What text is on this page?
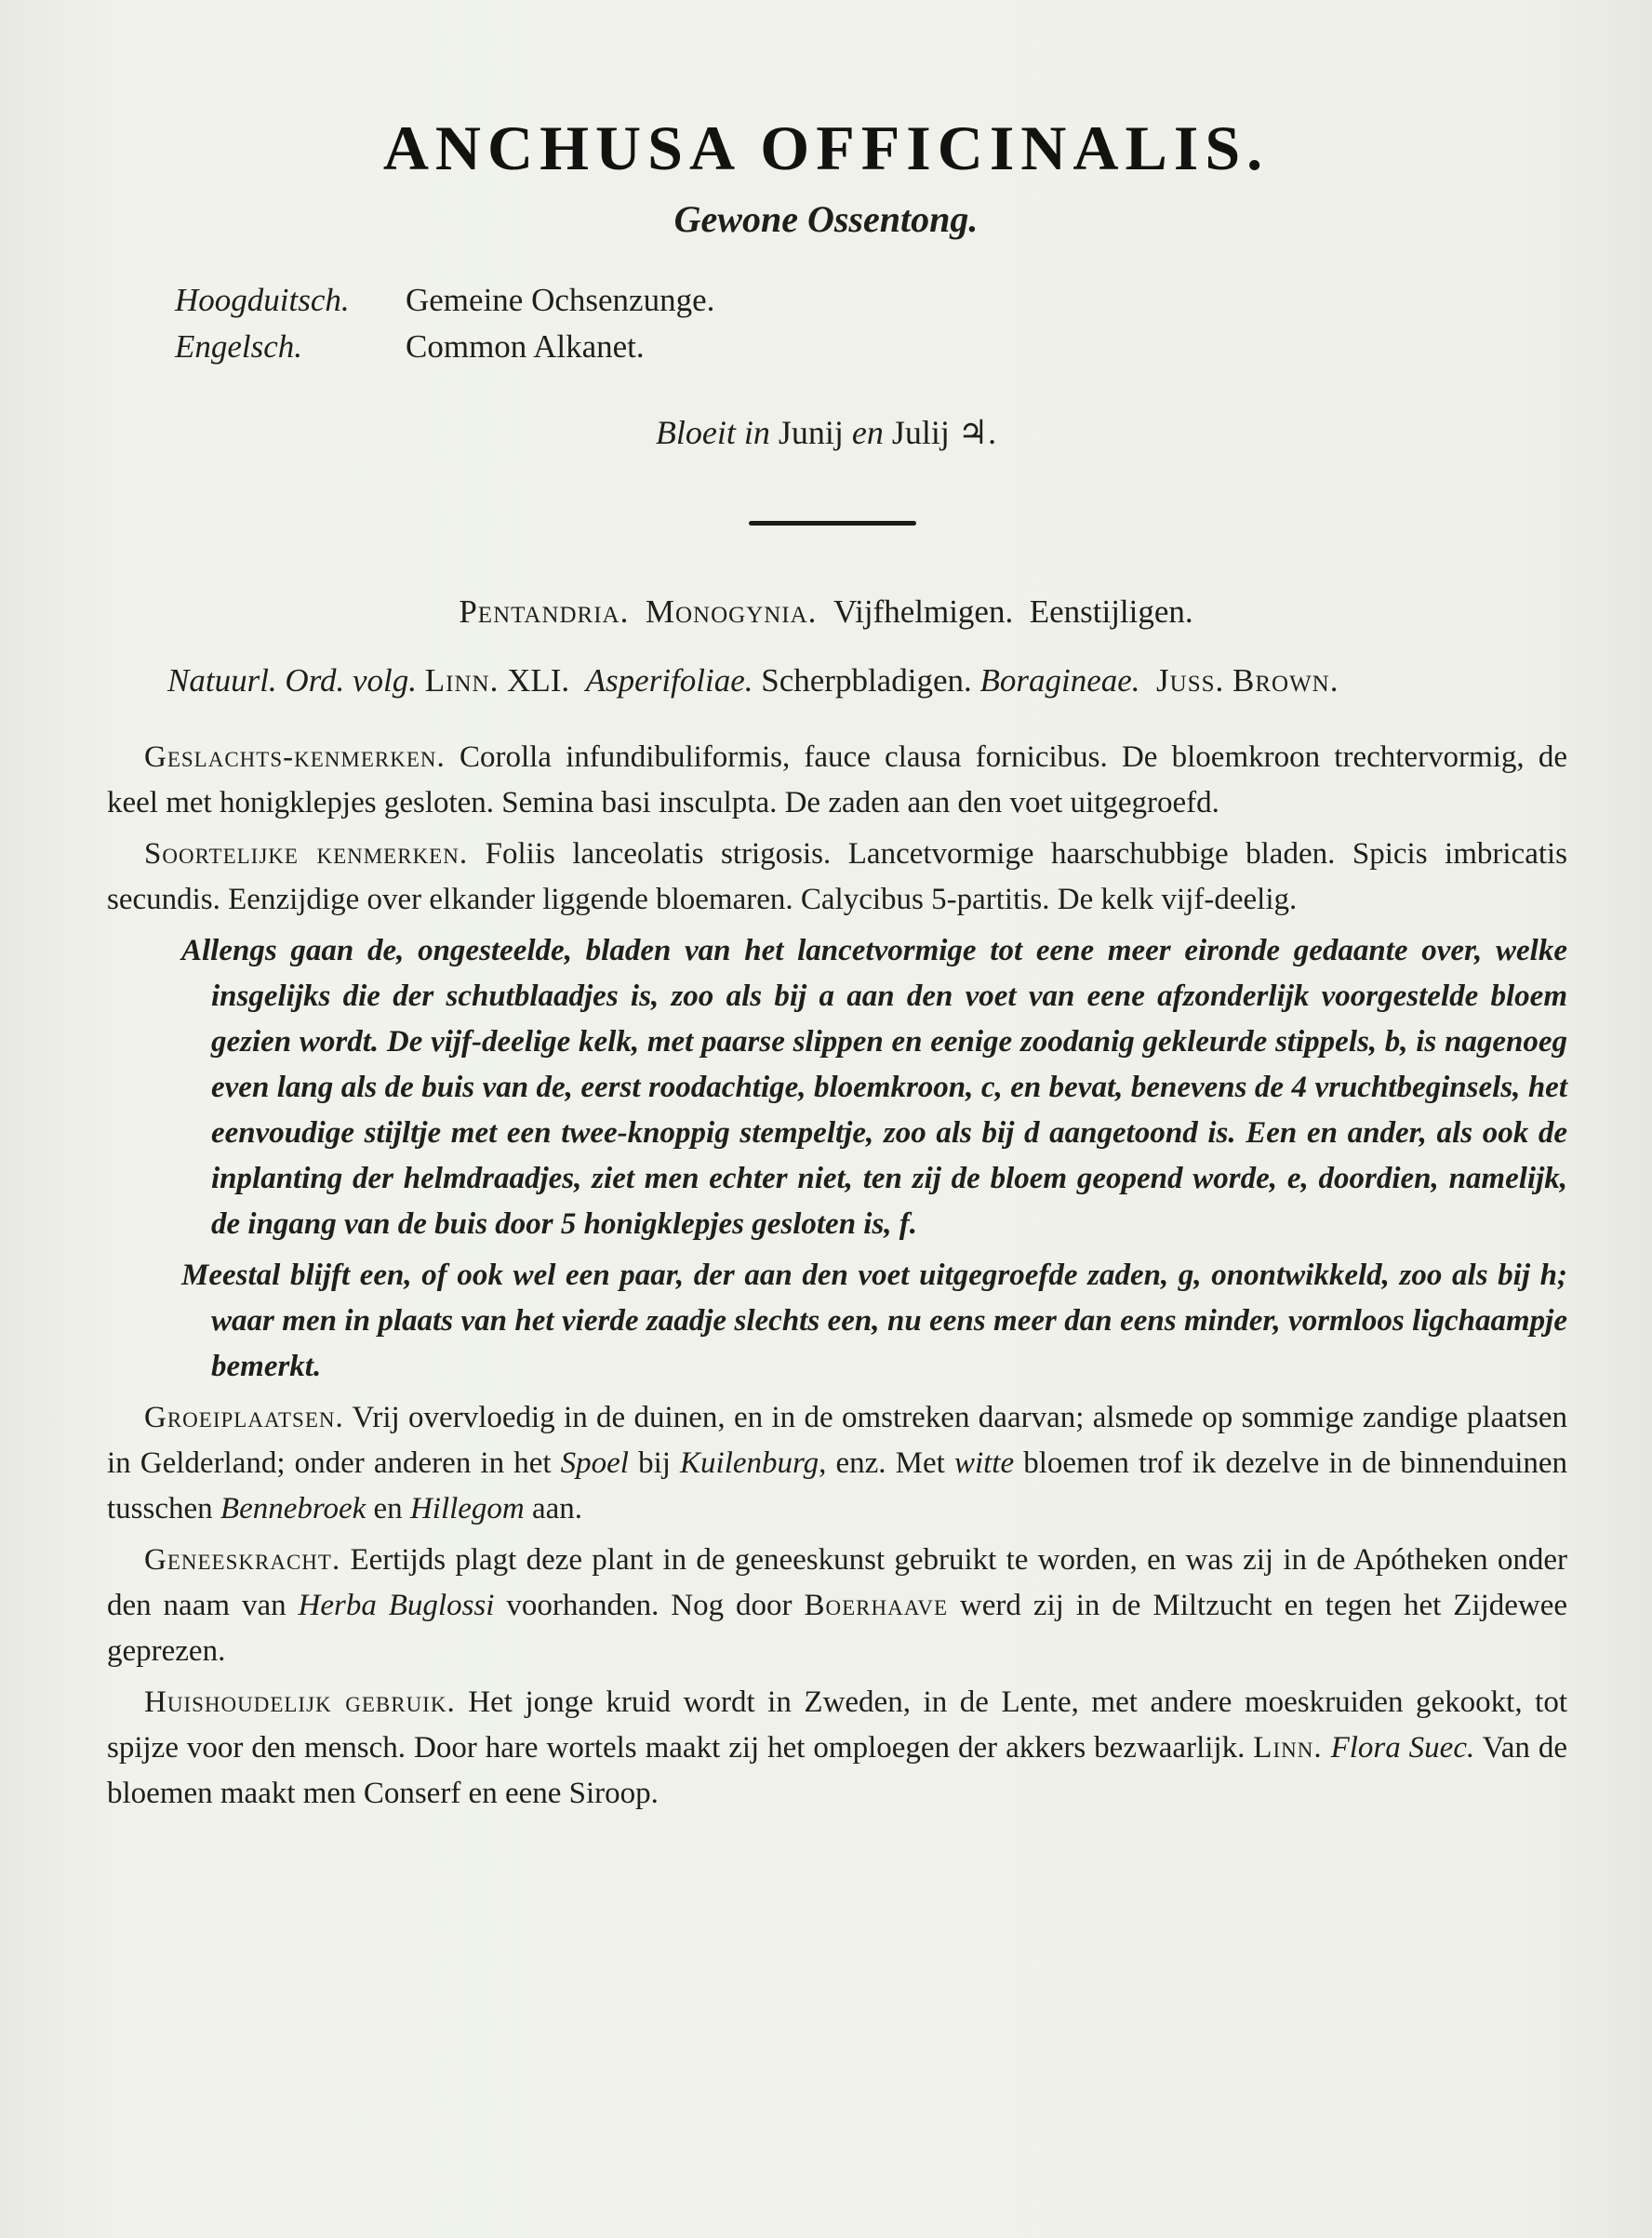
ANCHUSA OFFICINALIS.
Gewone Ossentong.
Hoogduitsch.	Gemeine Ochsenzunge.
Engelsch.	Common Alkanet.
Bloeit in Junij en Julij ♃.
Pentandria. Monogynia. Vijfhelmigen. Eenstijligen.
Natuurl. Ord. volg. Linn. XLI. Asperifoliae. Scherpbladigen. Boragineae. Juss. Brown.

Geslachts-kenmerken. Corolla infundibuliformis, fauce clausa fornicibus. De bloemkroon trechtervormig, de keel met honigklepjes gesloten. Semina basi insculpta. De zaden aan den voet uitgegroefd.

Soortelijke kenmerken. Foliis lanceolatis strigosis. Lancetvormige haarschubbige bladen. Spicis imbricatis secundis. Eenzijdige over elkander liggende bloemaren. Calycibus 5-partitis. De kelk vijf-deelig.

Allengs gaan de, ongesteelde, bladen van het lancetvormige tot eene meer eironde gedaante over, welke insgelijks die der schutblaadjes is, zoo als bij a aan den voet van eene afzonderlijk voorgestelde bloem gezien wordt. De vijf-deelige kelk, met paarse slippen en eenige zoodanig gekleurde stippels, b, is nagenoeg even lang als de buis van de, eerst roodachtige, bloemkroon, c, en bevat, benevens de 4 vruchtbeginsels, het eenvoudige stijltje met een twee-knoppig stempeltje, zoo als bij d aangetoond is. Een en ander, als ook de inplanting der helmdraadjes, ziet men echter niet, ten zij de bloem geopend worde, e, doordien, namelijk, de ingang van de buis door 5 honigklepjes gesloten is, f.

Meestal blijft een, of ook wel een paar, der aan den voet uitgegroefde zaden, g, onontwikkeld, zoo als bij h; waar men in plaats van het vierde zaadje slechts een, nu eens meer dan eens minder, vormloos ligchaampje bemerkt.

Groeiplaatsen. Vrij overvloedig in de duinen, en in de omstreken daarvan; alsmede op sommige zandige plaatsen in Gelderland; onder anderen in het Spoel bij Kuilenburg, enz. Met witte bloemen trof ik dezelve in de binnenduinen tusschen Bennebroek en Hillegom aan.

Geneeskracht. Eertijds plagt deze plant in de geneeskunst gebruikt te worden, en was zij in de Apótheken onder den naam van Herba Buglossi voorhanden. Nog door Boerhaave werd zij in de Miltzucht en tegen het Zijdewee geprezen.

Huishoudelijk gebruik. Het jonge kruid wordt in Zweden, in de Lente, met andere moeskruiden gekookt, tot spijze voor den mensch. Door hare wortels maakt zij het omploegen der akkers bezwaarlijk. Linn. Flora Suec. Van de bloemen maakt men Conserf en eene Siroop.
